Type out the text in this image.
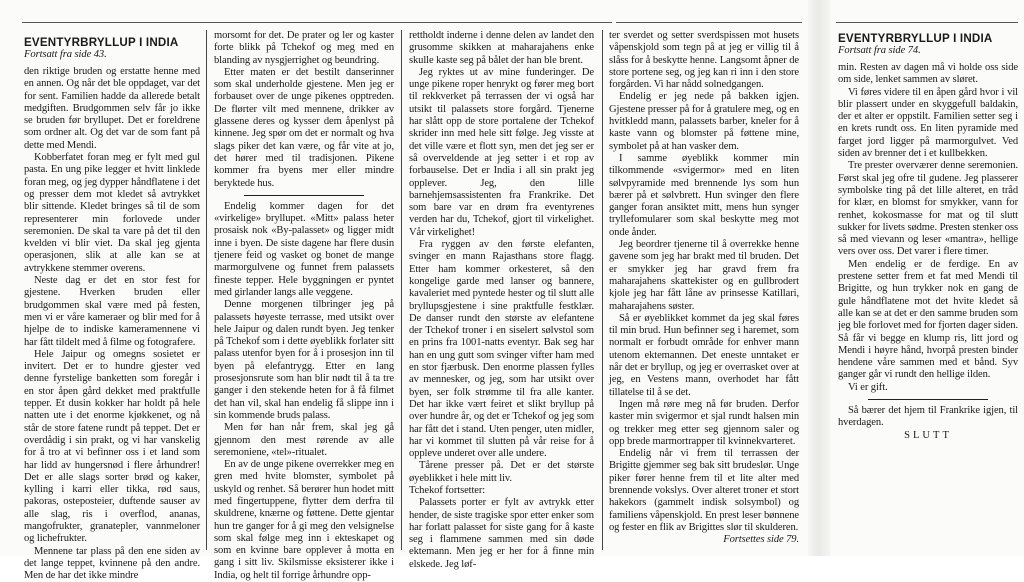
EVENTYRBRYLLUP I INDIA
Fortsatt fra side 43.

den riktige bruden og erstatte henne med en annen. Og når det ble oppdaget, var det for sent. Familien hadde da allerede betalt medgiften. Brudgommen selv får jo ikke se bruden før bryllupet. Det er foreldrene som ordner alt. Og det var de som fant på dette med Mendi.

Kobberfatet foran meg er fylt med gul pasta. En ung pike legger et hvitt linklede foran meg, og jeg dypper håndflatene i det og presser dem mot kledet så avtrykket blir sittende. Kledet bringes så til de som representerer min forlovede under seremonien. De skal ta vare på det til den kvelden vi blir viet. Da skal jeg gjenta operasjonen, slik at alle kan se at avtrykkene stemmer overens.

Neste dag er det en stor fest for gjestene. Hverken bruden eller brudgommen skal være med på festen, men vi er våre kameraer og blir med for å hjelpe de to indiske kameramennene vi har fått tildelt med å filme og fotografere.

Hele Jaipur og omegns sosietet er invitert. Det er to hundre gjester ved denne fyrstelige banketten som foregår i en stor åpen gård dekket med praktfulle tepper. Et dusin kokker har holdt på hele natten ute i det enorme kjøkkenet, og nå står de store fatene rundt på teppet. Det er overdådig i sin prakt, og vi har vanskelig for å tro at vi befinner oss i et land som har lidd av hungersnød i flere århundrer! Det er alle slags sorter brød og kaker, kylling i karri eller tikka, rød saus, pakoras, osteposteier, duftende sauser av alle slag, ris i overflod, ananas, mangofrukter, granatepler, vannmeloner og lichefrukter.

Mennene tar plass på den ene siden av det lange teppet, kvinnene på den andre. Men de har det ikke mindre

morsomt for det. De prater og ler og kaster forte blikk på Tchekof og meg med en blanding av nysgjerrighet og beundring.

Etter maten er det bestilt danserinner som skal underholde gjestene. Men jeg er forbauset over de unge pikenes opptreden. De flørter vilt med mennene, drikker av glassene deres og kysser dem åpenlyst på kinnene. Jeg spør om det er normalt og hva slags piker det kan være, og får vite at jo, det hører med til tradisjonen. Pikene kommer fra byens mer eller mindre beryktede hus.

Endelig kommer dagen for det «virkelige» bryllupet. «Mitt» palass heter prosaisk nok «By-palasset» og ligger midt inne i byen. De siste dagene har flere dusin tjenere feid og vasket og bonet de mange marmorgulvene og funnet frem palassets fineste tepper. Hele byggningen er pyntet med girlander langs alle veggene.

Denne morgenen tilbringer jeg på palassets høyeste terrasse, med utsikt over hele Jaipur og dalen rundt byen. Jeg tenker på Tchekof som i dette øyeblikk forlater sitt palass utenfor byen for å i prosesjon inn til byen på elefantrygg. Etter en lang prosesjonsrute som han blir nødt til å ta tre ganger i den stekende heten for å få filmet det han vil, skal han endelig få slippe inn i sin kommende bruds palass.

Men før han når frem, skal jeg gå gjennom den mest rørende av alle seremoniene, «tel»-ritualet.

En av de unge pikene overrekker meg en gren med hvite blomster, symbolet på uskyld og renhet. Så berører hun hodet mitt med fingertuppene, flytter dem derfra til skuldrene, knærne og føttene. Dette gjentar hun tre ganger for å gi meg den velsignelse som skal følge meg inn i ekteskapet og som en kvinne bare opplever å motta en gang i sitt liv. Skilsmisse eksisterer ikke i India, og helt til forrige århundre opp-

rettholdt inderne i denne delen av landet den grusomme skikken at maharajahens enke skulle kaste seg på bålet der han ble brent.

Jeg ryktes ut av mine funderinger. De unge pikene roper henrykt og fører meg bort til rekkverket på terrassen der vi også har utsikt til palassets store forgård. Tjenerne har slått opp de store portalene der Tchekof skrider inn med hele sitt følge. Jeg visste at det ville være et flott syn, men det jeg ser er så overveldende at jeg setter i et rop av forbauselse. Det er India i all sin prakt jeg opplever. Jeg, den lille barnehjemsassistenten fra Frankrike. Det som bare var en drøm fra eventyrenes verden har du, Tchekof, gjort til virkelighet. Vår virkelighet!

Fra ryggen av den første elefanten, svinger en mann Rajasthans store flagg. Etter ham kommer orkesteret, så den kongelige garde med lanser og bannere, kavaleriet med pyntede hester og til slutt alle bryllupsgjestene i sine praktfulle festklær. De danser rundt den største av elefantene der Tchekof troner i en siselert sølvstol som en prins fra 1001-natts eventyr. Bak seg har han en ung gutt som svinger vifter ham med en stor fjærbusk. Den enorme plassen fylles av mennesker, og jeg, som har utsikt over byen, ser folk strømme til fra alle kanter. Det har ikke vært feiret et slikt bryllup på over hundre år, og det er Tchekof og jeg som har fått det i stand. Uten penger, uten midler, har vi kommet til slutten på vår reise for å oppleve underet over alle undere.

Tårene presser på. Det er det største øyeblikket i hele mitt liv.

Tchekof fortsetter:

Palassets porter er fylt av avtrykk etter hender, de siste tragiske spor etter enker som har forlatt palasset for siste gang for å kaste seg i flammene sammen med sin døde ektemann. Men jeg er her for å finne min elskede. Jeg løf-

ter sverdet og setter sverdspissen mot husets våpenskjold som tegn på at jeg er villig til å slåss for å beskytte henne. Langsomt åpner de store portene seg, og jeg kan ri inn i den store forgården. Vi har nådd solnedgangen.

Endelig er jeg nede på bakken igjen. Gjestene presser på for å gratulere meg, og en hvitkledd mann, palassets barber, kneler for å kaste vann og blomster på føttene mine, symbolet på at han vasker dem.

I samme øyeblikk kommer min tilkommende «svigermor» med en liten sølvpyramide med brennende lys som hun bærer på et sølvbrett. Hun svinger den flere ganger foran ansiktet mitt, mens hun synger tryllefomularer som skal beskytte meg mot onde ånder.

Jeg beordrer tjenerne til å overrekke henne gavene som jeg har brakt med til bruden. Det er smykker jeg har gravd frem fra maharajahens skattekister og en gullbrodert kjole jeg har fått låne av prinsesse Katillari, maharajahens søster.

Så er øyeblikket kommet da jeg skal føres til min brud. Hun befinner seg i haremet, som normalt er forbudt område for enhver mann utenom ektemannen. Det eneste unntaket er når det er bryllup, og jeg er overrasket over at jeg, en Vestens mann, overhodet har fått tillatelse til å se det.

Ingen må røre meg nå før bruden. Derfor kaster min svigermor et sjal rundt halsen min og trekker meg etter seg gjennom saler og opp brede marmortrapper til kvinnekvarteret.

Endelig når vi frem til terrassen der Brigitte gjemmer seg bak sitt brudeslør. Unge piker fører henne frem til et lite alter med brennende vokslys. Over alteret troner et stort hakekors (gammelt indisk solsymbol) og familiens våpenskjold. En prest leser bønnene og fester en flik av Brigittes slør til skulderen.

Fortsettes side 79.

EVENTYRBRYLLUP I INDIA
Fortsatt fra side 74.

min. Resten av dagen må vi holde oss side om side, lenket sammen av sløret.

Vi føres videre til en åpen gård hvor i vil blir plassert under en skyggefull baldakin, der et alter er oppstilt. Familien setter seg i en krets rundt oss. En liten pyramide med farget jord ligger på marmorgulvet. Ved siden av brenner det i et kullbekken.

Tre prester overværer denne seremonien. Først skal jeg ofre til gudene. Jeg plasserer symbolske ting på det lille alteret, en tråd for klær, en blomst for smykker, vann for renhet, kokosmasse for mat og til slutt sukker for livets sødme. Presten stenker oss så med vievann og leser «mantra», hellige vers over oss. Det varer i flere timer.

Men endelig er de ferdige. En av prestene setter frem et fat med Mendi til Brigitte, og hun trykker nok en gang de gule håndflatene mot det hvite kledet så alle kan se at det er den samme bruden som jeg ble forlovet med for fjorten dager siden. Så får vi begge en klump ris, litt jord og Mendi i høyre hånd, hvorpå presten binder hendene våre sammen med et bånd. Syv ganger går vi rundt den hellige ilden.

Vi er gift.

Så bærer det hjem til Frankrike igjen, til hverdagen.

SLUTT
